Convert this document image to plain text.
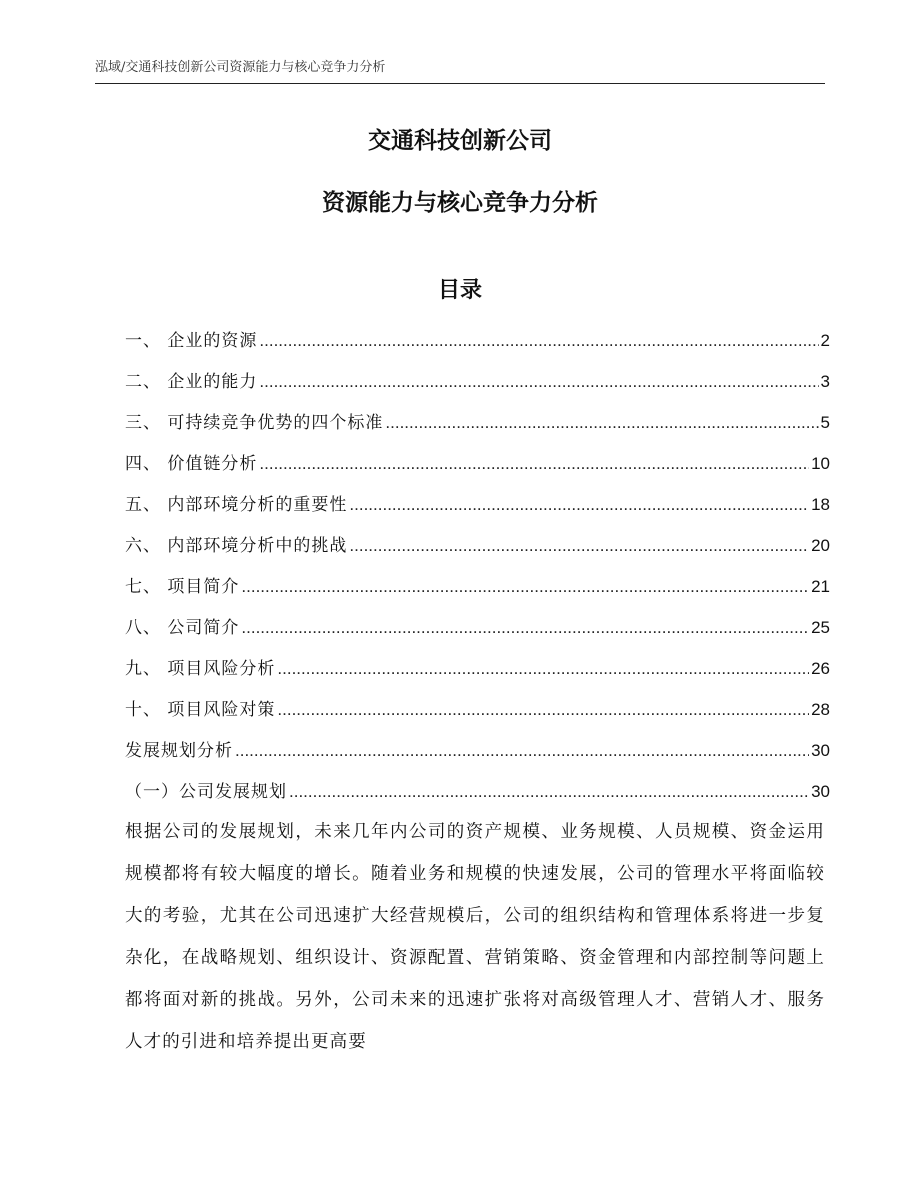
泓域/交通科技创新公司资源能力与核心竞争力分析
交通科技创新公司
资源能力与核心竞争力分析
目录
一、 企业的资源 .....	2
二、 企业的能力 .....	3
三、 可持续竞争优势的四个标准 .....	5
四、 价值链分析 .....	10
五、 内部环境分析的重要性 .....	18
六、 内部环境分析中的挑战 .....	20
七、 项目简介 .....	21
八、 公司简介 .....	25
九、 项目风险分析 .....	26
十、 项目风险对策 .....	28
发展规划分析 .....	30
（一）公司发展规划 .....	30
根据公司的发展规划，未来几年内公司的资产规模、业务规模、人员规模、资金运用规模都将有较大幅度的增长。随着业务和规模的快速发展，公司的管理水平将面临较大的考验，尤其在公司迅速扩大经营规模后，公司的组织结构和管理体系将进一步复杂化，在战略规划、组织设计、资源配置、营销策略、资金管理和内部控制等问题上都将面对新的挑战。另外，公司未来的迅速扩张将对高级管理人才、营销人才、服务人才的引进和培养提出更高要
